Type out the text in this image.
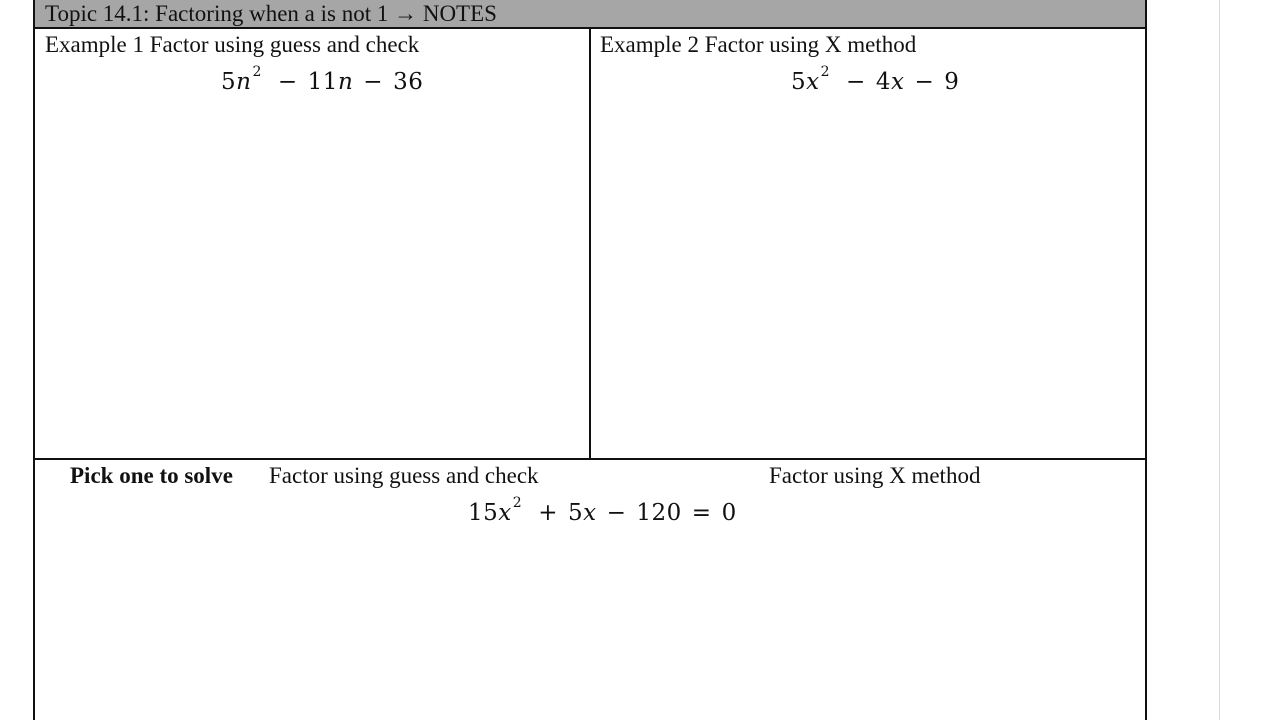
Topic 14.1: Factoring when a is not 1 → NOTES
Example 1 Factor using guess and check
$5n^2 - 11n - 36$
Example 2 Factor using X method
$5x^2 - 4x - 9$
Pick one to solve Factor using guess and check	Factor using X method
$15x^2 + 5x - 120 = 0$
